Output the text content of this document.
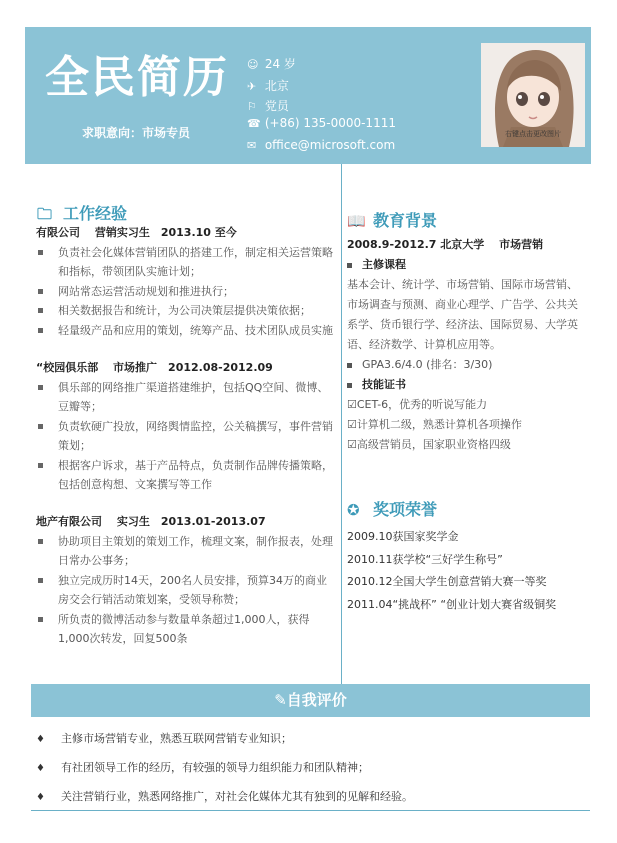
全民简历
求职意向：市场专员
☺ 24 岁
✈ 北京
⚐ 党员
☎ (+86) 135-0000-1111
✉ office@microsoft.com
右键点击更改图片
🗀 工作经验
有限公司　 营销实习生　2013.10 至今
负责社会化媒体营销团队的搭建工作，制定相关运营策略
和指标，带领团队实施计划；
网站常态运营活动规划和推进执行；
相关数据报告和统计，为公司决策层提供决策依据；
轻量级产品和应用的策划，统筹产品、技术团队成员实施
“校园俱乐部　 市场推广　2012.08-2012.09
俱乐部的网络推广渠道搭建维护，包括QQ空间、微博、
豆瓣等；
负责软硬广投放，网络舆情监控，公关稿撰写，事件营销
策划；
根据客户诉求，基于产品特点，负责制作品牌传播策略，
包括创意构想、文案撰写等工作
地产有限公司　 实习生　2013.01-2013.07
协助项目主策划的策划工作，梳理文案，制作报表，处理
日常办公事务；
独立完成历时14天，200名人员安排，预算34万的商业
房交会行销活动策划案，受领导称赞；
所负责的微博活动参与数量单条超过1,000人，获得
1,000次转发，回复500条
📖 教育背景
2008.9-2012.7 北京大学　 市场营销
主修课程
基本会计、统计学、市场营销、国际市场营销、
市场调查与预测、商业心理学、广告学、公共关
系学、货币银行学、经济法、国际贸易、大学英
语、经济数学、计算机应用等。
GPA3.6/4.0 (排名：3/30)
技能证书
☑CET-6，优秀的听说写能力
☑计算机二级，熟悉计算机各项操作
☑高级营销员，国家职业资格四级
✪ 奖项荣誉
2009.10获国家奖学金
2010.11获学校“三好学生称号”
2010.12全国大学生创意营销大赛一等奖
2011.04“挑战杯” “创业计划大赛省级铜奖
✎自我评价
♦ 主修市场营销专业，熟悉互联网营销专业知识；
♦ 有社团领导工作的经历，有较强的领导力组织能力和团队精神；
♦ 关注营销行业，熟悉网络推广，对社会化媒体尤其有独到的见解和经验。
